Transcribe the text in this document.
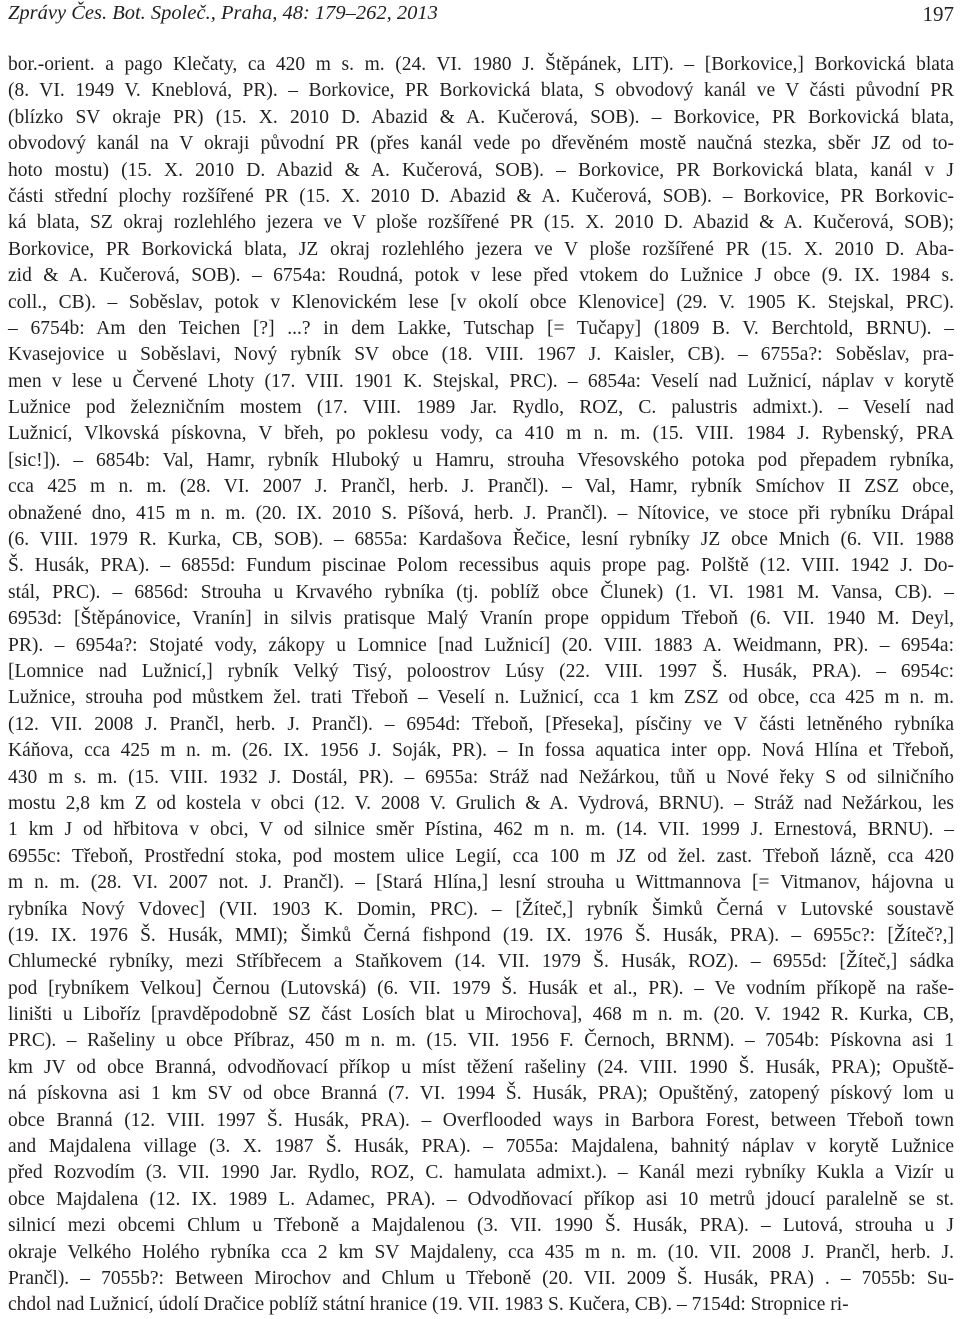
Zprávy Čes. Bot. Společ., Praha, 48: 179–262, 2013	197
bor.-orient. a pago Klečaty, ca 420 m s. m. (24. VI. 1980 J. Štěpánek, LIT). – [Borkovice,] Borkovická blata
(8. VI. 1949 V. Kneblová, PR). – Borkovice, PR Borkovická blata, S obvodový kanál ve V části původní PR
(blízko SV okraje PR) (15. X. 2010 D. Abazid & A. Kučerová, SOB). – Borkovice, PR Borkovická blata,
obvodový kanál na V okraji původní PR (přes kanál vede po dřevěném mostě naučná stezka, sběr JZ od to-
hoto mostu) (15. X. 2010 D. Abazid & A. Kučerová, SOB). – Borkovice, PR Borkovická blata, kanál v J
části střední plochy rozšířené PR (15. X. 2010 D. Abazid & A. Kučerová, SOB). – Borkovice, PR Borkovic-
ká blata, SZ okraj rozlehlého jezera ve V ploše rozšířené PR (15. X. 2010 D. Abazid & A. Kučerová, SOB);
Borkovice, PR Borkovická blata, JZ okraj rozlehlého jezera ve V ploše rozšířené PR (15. X. 2010 D. Aba-
zid & A. Kučerová, SOB). – 6754a: Roudná, potok v lese před vtokem do Lužnice J obce (9. IX. 1984 s.
coll., CB). – Soběslav, potok v Klenovickém lese [v okolí obce Klenovice] (29. V. 1905 K. Stejskal, PRC).
– 6754b: Am den Teichen [?] ...? in dem Lakke, Tutschap [= Tučapy] (1809 B. V. Berchtold, BRNU). –
Kvasejovice u Soběslavi, Nový rybník SV obce (18. VIII. 1967 J. Kaisler, CB). – 6755a?: Soběslav, pra-
men v lese u Červené Lhoty (17. VIII. 1901 K. Stejskal, PRC). – 6854a: Veselí nad Lužnicí, náplav v korytě
Lužnice pod železničním mostem (17. VIII. 1989 Jar. Rydlo, ROZ, C. palustris admixt.). – Veselí nad
Lužnicí, Vlkovská pískovna, V břeh, po poklesu vody, ca 410 m n. m. (15. VIII. 1984 J. Rybenský, PRA
[sic!]). – 6854b: Val, Hamr, rybník Hluboký u Hamru, strouha Vřesovského potoka pod přepadem rybníka,
cca 425 m n. m. (28. VI. 2007 J. Prančl, herb. J. Prančl). – Val, Hamr, rybník Smíchov II ZSZ obce,
obnažené dno, 415 m n. m. (20. IX. 2010 S. Píšová, herb. J. Prančl). – Nítovice, ve stoce při rybníku Drápal
(6. VIII. 1979 R. Kurka, CB, SOB). – 6855a: Kardašova Řečice, lesní rybníky JZ obce Mnich (6. VII. 1988
Š. Husák, PRA). – 6855d: Fundum piscinae Polom recessibus aquis prope pag. Polště (12. VIII. 1942 J. Do-
stál, PRC). – 6856d: Strouha u Krvavého rybníka (tj. poblíž obce Člunek) (1. VI. 1981 M. Vansa, CB). –
6953d: [Štěpánovice, Vranín] in silvis pratisque Malý Vranín prope oppidum Třeboň (6. VII. 1940 M. Deyl,
PR). – 6954a?: Stojaté vody, zákopy u Lomnice [nad Lužnicí] (20. VIII. 1883 A. Weidmann, PR). – 6954a:
[Lomnice nad Lužnicí,] rybník Velký Tisý, poloostrov Lúsy (22. VIII. 1997 Š. Husák, PRA). – 6954c:
Lužnice, strouha pod můstkem žel. trati Třeboň – Veselí n. Lužnicí, cca 1 km ZSZ od obce, cca 425 m n. m.
(12. VII. 2008 J. Prančl, herb. J. Prančl). – 6954d: Třeboň, [Přeseka], písčiny ve V části letněného rybníka
Káňova, cca 425 m n. m. (26. IX. 1956 J. Soják, PR). – In fossa aquatica inter opp. Nová Hlína et Třeboň,
430 m s. m. (15. VIII. 1932 J. Dostál, PR). – 6955a: Stráž nad Nežárkou, tůň u Nové řeky S od silničního
mostu 2,8 km Z od kostela v obci (12. V. 2008 V. Grulich & A. Vydrová, BRNU). – Stráž nad Nežárkou, les
1 km J od hřbitova v obci, V od silnice směr Pístina, 462 m n. m. (14. VII. 1999 J. Ernestová, BRNU). –
6955c: Třeboň, Prostřední stoka, pod mostem ulice Legií, cca 100 m JZ od žel. zast. Třeboň lázně, cca 420
m n. m. (28. VI. 2007 not. J. Prančl). – [Stará Hlína,] lesní strouha u Wittmannova [= Vitmanov, hájovna u
rybníka Nový Vdovec] (VII. 1903 K. Domin, PRC). – [Žíteč,] rybník Šimků Černá v Lutovské soustavě
(19. IX. 1976 Š. Husák, MMI); Šimků Černá fishpond (19. IX. 1976 Š. Husák, PRA). – 6955c?: [Žíteč?,]
Chlumecké rybníky, mezi Stříbřecem a Staňkovem (14. VII. 1979 Š. Husák, ROZ). – 6955d: [Žíteč,] sádka
pod [rybníkem Velkou] Černou (Lutovská) (6. VII. 1979 Š. Husák et al., PR). – Ve vodním příkopě na raše-
liništi u Liboříz [pravděpodobně SZ část Losích blat u Mirochova], 468 m n. m. (20. V. 1942 R. Kurka, CB,
PRC). – Rašeliny u obce Příbraz, 450 m n. m. (15. VII. 1956 F. Černoch, BRNM). – 7054b: Pískovna asi 1
km JV od obce Branná, odvodňovací příkop u míst těžení rašeliny (24. VIII. 1990 Š. Husák, PRA); Opuště-
ná pískovna asi 1 km SV od obce Branná (7. VI. 1994 Š. Husák, PRA); Opuštěný, zatopený pískový lom u
obce Branná (12. VIII. 1997 Š. Husák, PRA). – Overflooded ways in Barbora Forest, between Třeboň town
and Majdalena village (3. X. 1987 Š. Husák, PRA). – 7055a: Majdalena, bahnitý náplav v korytě Lužnice
před Rozvodím (3. VII. 1990 Jar. Rydlo, ROZ, C. hamulata admixt.). – Kanál mezi rybníky Kukla a Vizír u
obce Majdalena (12. IX. 1989 L. Adamec, PRA). – Odvodňovací příkop asi 10 metrů jdoucí paralelně se st.
silnicí mezi obcemi Chlum u Třeboně a Majdalenou (3. VII. 1990 Š. Husák, PRA). – Lutová, strouha u J
okraje Velkého Holého rybníka cca 2 km SV Majdaleny, cca 435 m n. m. (10. VII. 2008 J. Prančl, herb. J.
Prančl). – 7055b?: Between Mirochov and Chlum u Třeboně (20. VII. 2009 Š. Husák, PRA) . – 7055b: Su-
chdol nad Lužnicí, údolí Dračice poblíž státní hranice (19. VII. 1983 S. Kučera, CB). – 7154d: Stropnice ri-
